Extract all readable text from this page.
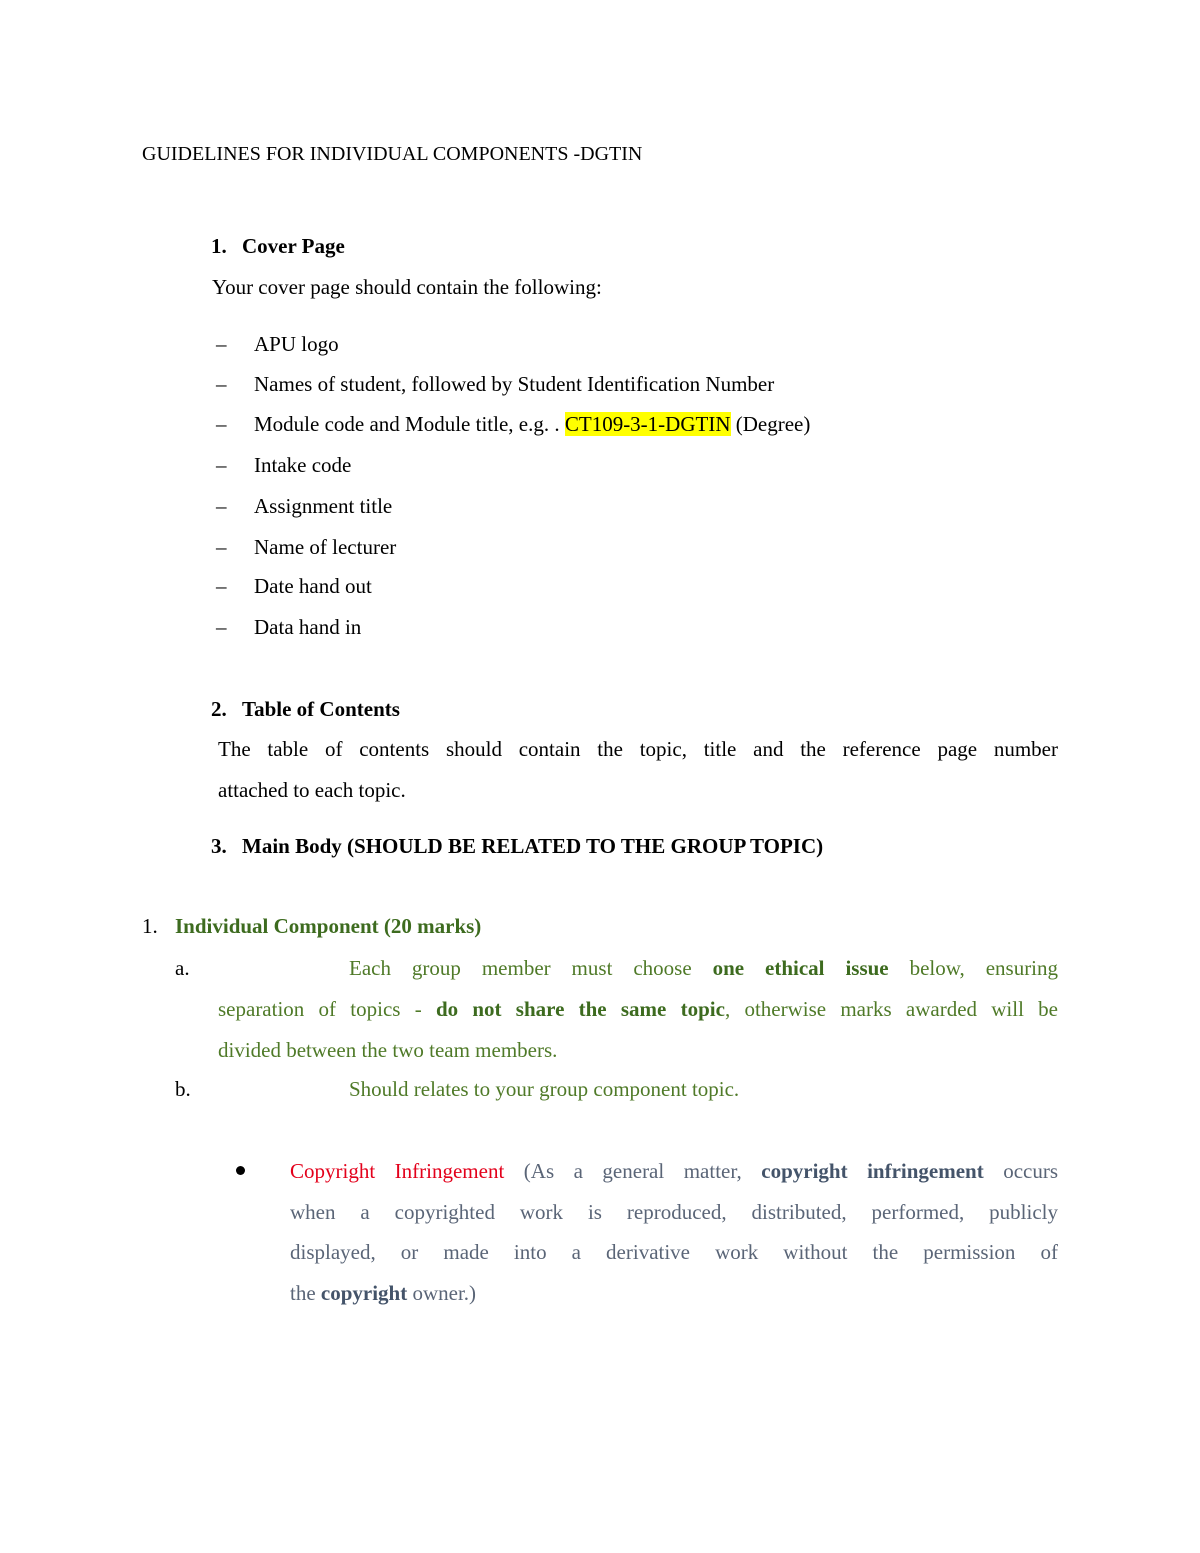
GUIDELINES FOR INDIVIDUAL COMPONENTS -DGTIN
1. Cover Page
Your cover page should contain the following:
– APU logo
– Names of student, followed by Student Identification Number
– Module code and Module title, e.g. . CT109-3-1-DGTIN (Degree)
– Intake code
– Assignment title
– Name of lecturer
– Date hand out
– Data hand in
2. Table of Contents
The table of contents should contain the topic, title and the reference page number
attached to each topic.
3. Main Body (SHOULD BE RELATED TO THE GROUP TOPIC)
1. Individual Component (20 marks)
a.	Each group member must choose one ethical issue below, ensuring
separation of topics - do not share the same topic, otherwise marks awarded will be
divided between the two team members.
b.	Should relates to your group component topic.
Copyright Infringement (As a general matter, copyright infringement occurs
when a copyrighted work is reproduced, distributed, performed, publicly
displayed, or made into a derivative work without the permission of
the copyright owner.)
